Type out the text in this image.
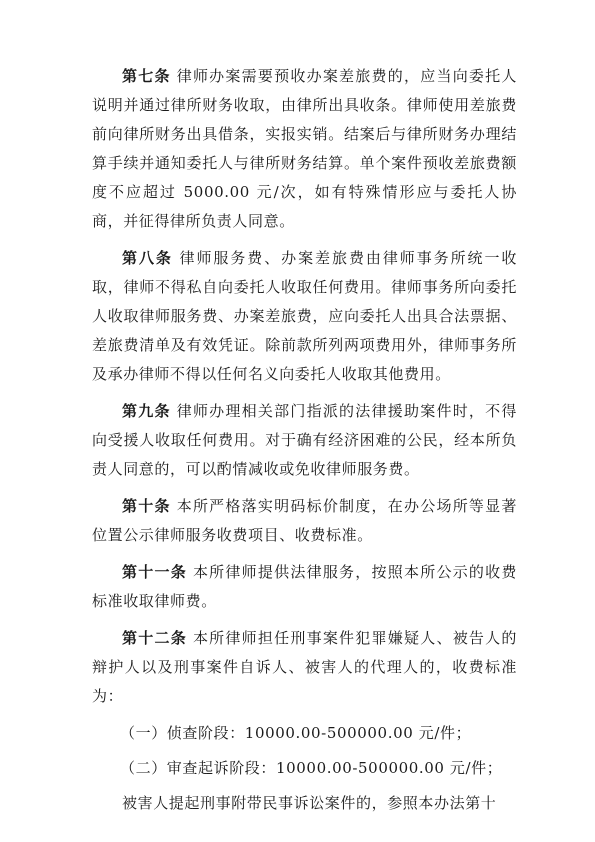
第七条 律师办案需要预收办案差旅费的，应当向委托人说明并通过律所财务收取，由律所出具收条。律师使用差旅费前向律所财务出具借条，实报实销。结案后与律所财务办理结算手续并通知委托人与律所财务结算。单个案件预收差旅费额度不应超过 5000.00 元/次，如有特殊情形应与委托人协商，并征得律所负责人同意。

第八条 律师服务费、办案差旅费由律师事务所统一收取，律师不得私自向委托人收取任何费用。律师事务所向委托人收取律师服务费、办案差旅费，应向委托人出具合法票据、差旅费清单及有效凭证。除前款所列两项费用外，律师事务所及承办律师不得以任何名义向委托人收取其他费用。

第九条 律师办理相关部门指派的法律援助案件时，不得向受援人收取任何费用。对于确有经济困难的公民，经本所负责人同意的，可以酌情减收或免收律师服务费。

第十条 本所严格落实明码标价制度，在办公场所等显著位置公示律师服务收费项目、收费标准。

第十一条 本所律师提供法律服务，按照本所公示的收费标准收取律师费。

第十二条 本所律师担任刑事案件犯罪嫌疑人、被告人的辩护人以及刑事案件自诉人、被害人的代理人的，收费标准为：

（一）侦查阶段：10000.00-500000.00 元/件；

（二）审查起诉阶段：10000.00-500000.00 元/件；

被害人提起刑事附带民事诉讼案件的，参照本办法第十
